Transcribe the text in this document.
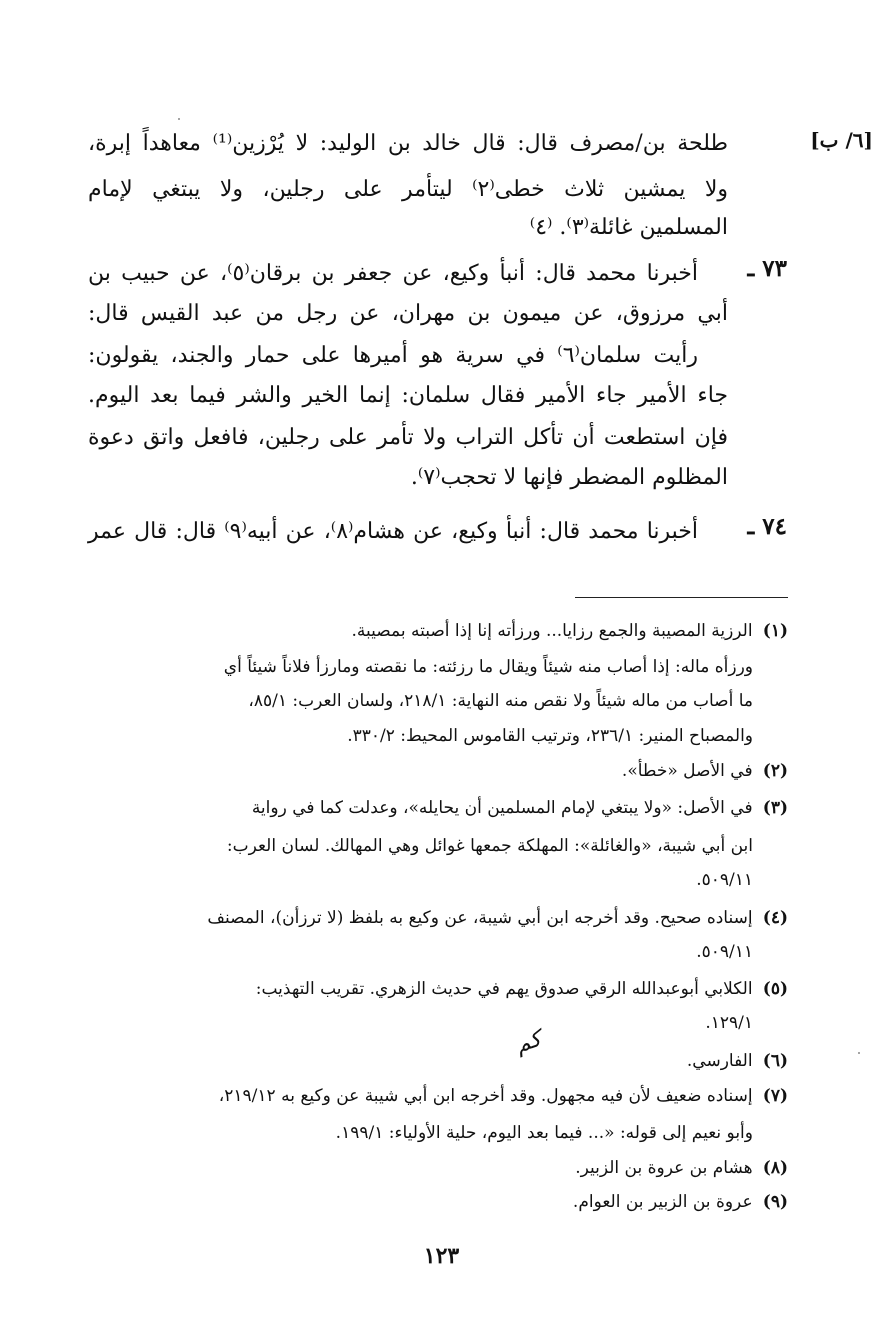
طلحة بن/مصرف قال: قال خالد بن الوليد: لا يُرْزين⁽¹⁾ معاهداً إبرة،	[٦/ ب]
ولا يمشين ثلاث خطى⁽٢⁾ ليتأمر على رجلين، ولا يبتغي لإمام
المسلمين غائلة⁽٣⁾. ⁽٤⁾
٧٣ ـ
أخبرنا محمد قال: أنبأ وكيع، عن جعفر بن برقان⁽٥⁾، عن حبيب بن
أبي مرزوق، عن ميمون بن مهران، عن رجل من عبد القيس قال:
رأيت سلمان⁽٦⁾ في سرية هو أميرها على حمار والجند، يقولون:
جاء الأمير جاء الأمير فقال سلمان: إنما الخير والشر فيما بعد اليوم.
فإن استطعت أن تأكل التراب ولا تأمر على رجلين، فافعل واتق دعوة
المظلوم المضطر فإنها لا تحجب⁽٧⁾.
٧٤ ـ
أخبرنا محمد قال: أنبأ وكيع، عن هشام⁽٨⁾، عن أبيه⁽٩⁾ قال: قال عمر
(١) الرزية المصيبة والجمع رزايا... ورزأته إنا إذا أصبته بمصيبة.
ورزأه ماله: إذا أصاب منه شيئاً ويقال ما رزئته: ما نقصته ومارزأ فلاناً شيئاً أي
ما أصاب من ماله شيئاً ولا نقص منه النهاية: ٢١٨/١، ولسان العرب: ٨٥/١،
والمصباح المنير: ٢٣٦/١، وترتيب القاموس المحيط: ٣٣٠/٢.
(٢) في الأصل «خطأ».
(٣) في الأصل: «ولا يبتغي لإمام المسلمين أن يحايله»، وعدلت كما في رواية
ابن أبي شيبة، «والغائلة»: المهلكة جمعها غوائل وهي المهالك. لسان العرب:
٥٠٩/١١.
(٤) إسناده صحيح. وقد أخرجه ابن أبي شيبة، عن وكيع به بلفظ (لا ترزأن)، المصنف
٥٠٩/١١.
(٥) الكلابي أبوعبدالله الرقي صدوق يهم في حديث الزهري. تقريب التهذيب:
١٢٩/١.
(٦) الفارسي.
كم
(٧) إسناده ضعيف لأن فيه مجهول. وقد أخرجه ابن أبي شيبة عن وكيع به ٢١٩/١٢،
وأبو نعيم إلى قوله: «... فيما بعد اليوم، حلية الأولياء: ١٩٩/١.
(٨) هشام بن عروة بن الزبير.
(٩) عروة بن الزبير بن العوام.
١٢٣
